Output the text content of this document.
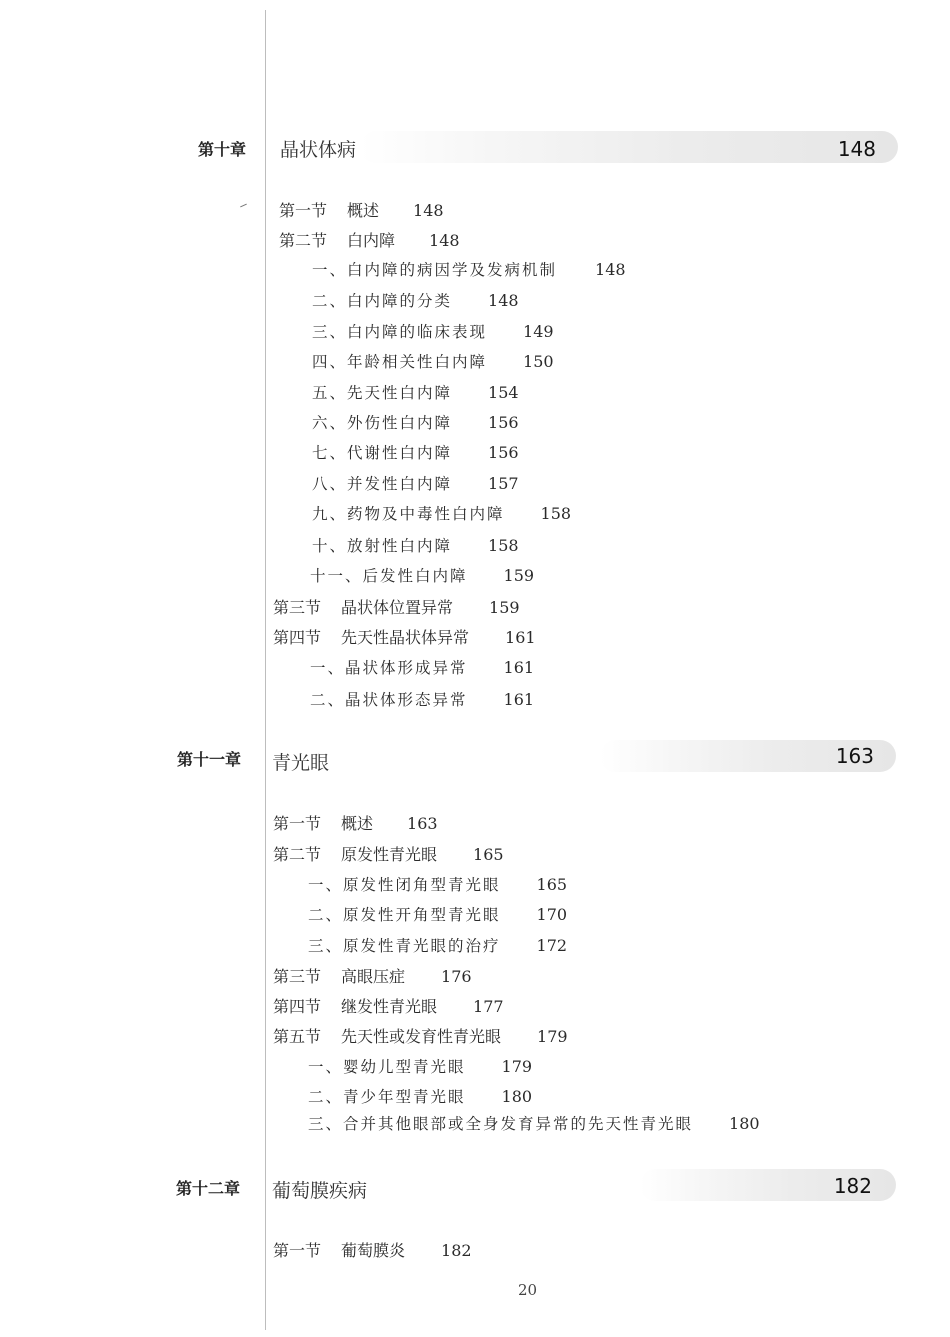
第十章 晶状体病	148
第一节 概述 148
第二节 白内障 148
一、白内障的病因学及发病机制 148
二、白内障的分类 148
三、白内障的临床表现 149
四、年龄相关性白内障 150
五、先天性白内障 154
六、外伤性白内障 156
七、代谢性白内障 156
八、并发性白内障 157
九、药物及中毒性白内障 158
十、放射性白内障 158
十一、后发性白内障 159
第三节 晶状体位置异常 159
第四节 先天性晶状体异常 161
一、晶状体形成异常 161
二、晶状体形态异常 161
第十一章 青光眼	163
第一节 概述 163
第二节 原发性青光眼 165
一、原发性闭角型青光眼 165
二、原发性开角型青光眼 170
三、原发性青光眼的治疗 172
第三节 高眼压症 176
第四节 继发性青光眼 177
第五节 先天性或发育性青光眼 179
一、婴幼儿型青光眼 179
二、青少年型青光眼 180
三、合并其他眼部或全身发育异常的先天性青光眼 180
第十二章 葡萄膜疾病	182
第一节 葡萄膜炎 182
20
